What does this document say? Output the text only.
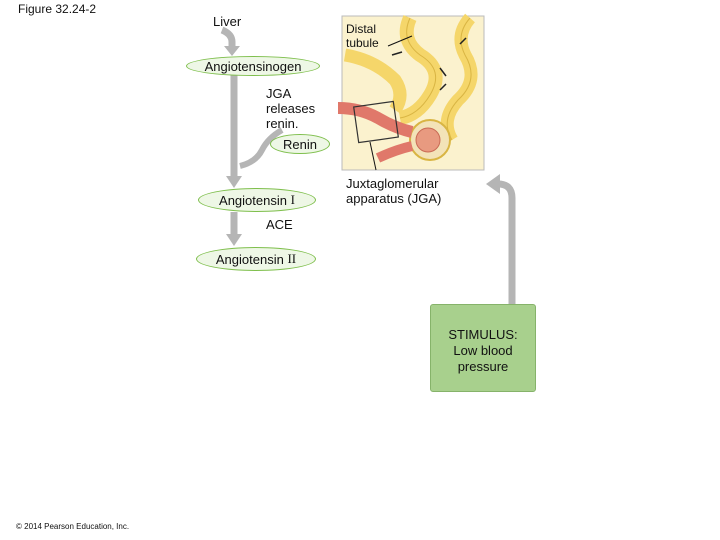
Figure 32.24-2
Liver
Angiotensinogen
JGA
releases
renin.
Renin
Angiotensin
I
ACE
Angiotensin
II
Distal
tubule
Juxtaglomerular
apparatus (JGA)
STIMULUS:
Low blood
pressure
© 2014 Pearson Education, Inc.
